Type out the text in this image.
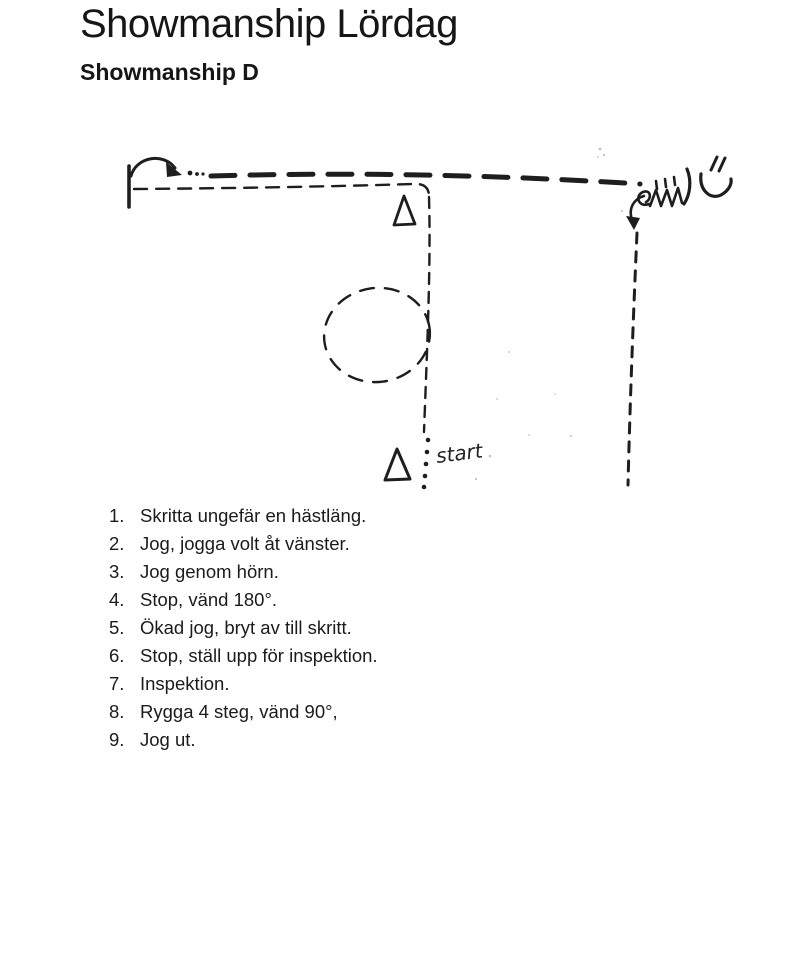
Showmanship Lördag
Showmanship D
start
1. Skritta ungefär en hästläng.
2. Jog, jogga volt åt vänster.
3. Jog genom hörn.
4. Stop, vänd 180°.
5. Ökad jog, bryt av till skritt.
6. Stop, ställ upp för inspektion.
7. Inspektion.
8. Rygga 4 steg, vänd 90°,
9. Jog ut.
